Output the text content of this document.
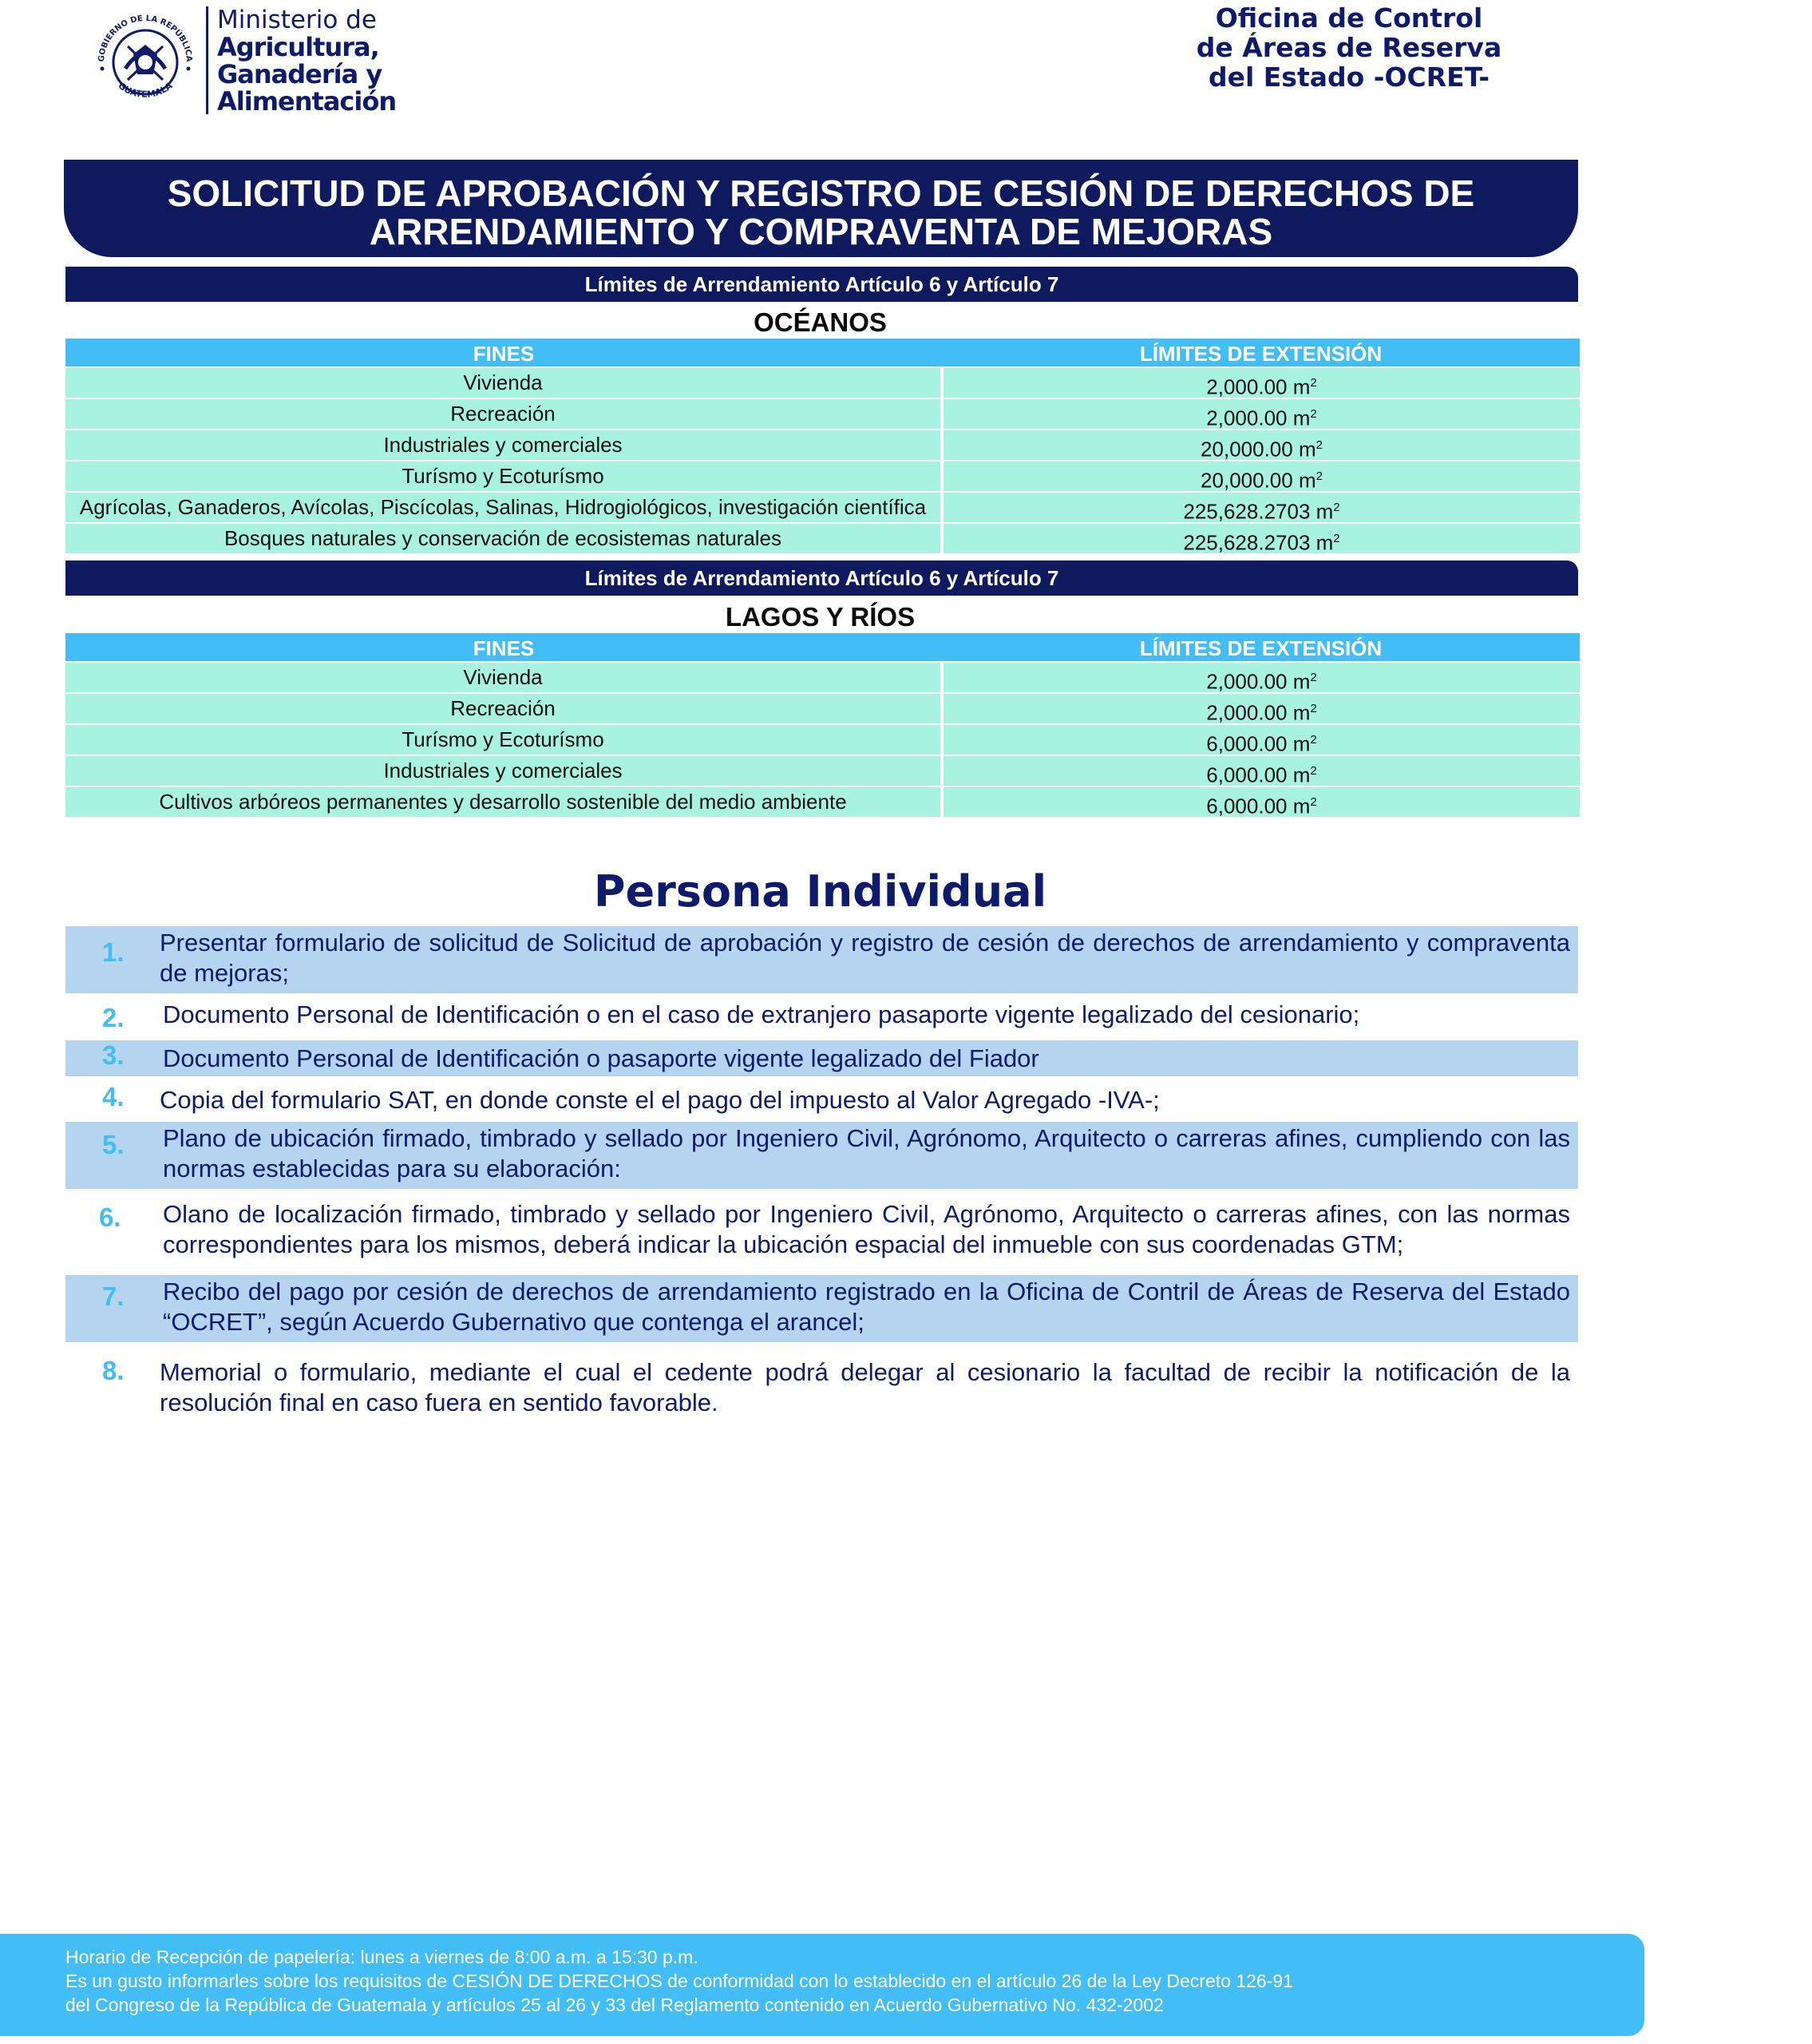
GOBIERNO DE LA REPÚBLICA
GUATEMALA
Ministerio de
Agricultura,
Ganadería y
Alimentación
Oficina de Control
de Áreas de Reserva
del Estado -OCRET-
SOLICITUD DE APROBACIÓN Y REGISTRO DE CESIÓN DE DERECHOS DE
ARRENDAMIENTO Y COMPRAVENTA DE MEJORAS
Límites de Arrendamiento Artículo 6 y Artículo 7
OCÉANOS
FINES	LÍMITES DE EXTENSIÓN
Vivienda	2,000.00 $m^2$
Recreación	2,000.00 $m^2$
Industriales y comerciales	20,000.00 $m^2$
Turísmo y Ecoturísmo	20,000.00 $m^2$
Agrícolas, Ganaderos, Avícolas, Piscícolas, Salinas, Hidrogiológicos, investigación científica	225,628.2703 $m^2$
Bosques naturales y conservación de ecosistemas naturales	225,628.2703 $m^2$
Límites de Arrendamiento Artículo 6 y Artículo 7
LAGOS Y RÍOS
FINES	LÍMITES DE EXTENSIÓN
Vivienda	2,000.00 $m^2$
Recreación	2,000.00 $m^2$
Turísmo y Ecoturísmo	6,000.00 $m^2$
Industriales y comerciales	6,000.00 $m^2$
Cultivos arbóreos permanentes y desarrollo sostenible del medio ambiente	6,000.00 $m^2$
Persona Individual
1. Presentar formulario de solicitud de Solicitud de aprobación y registro de cesión de derechos de arrendamiento y compraventa de mejoras;
2. Documento Personal de Identificación o en el caso de extranjero pasaporte vigente legalizado del cesionario;
3. Documento Personal de Identificación o pasaporte vigente legalizado del Fiador
4. Copia del formulario SAT, en donde conste el el pago del impuesto al Valor Agregado -IVA-;
5. Plano de ubicación firmado, timbrado y sellado por Ingeniero Civil, Agrónomo, Arquitecto o carreras afines, cumpliendo con las normas establecidas para su elaboración:
6. Olano de localización firmado, timbrado y sellado por Ingeniero Civil, Agrónomo, Arquitecto o carreras afines, con las normas correspondientes para los mismos, deberá indicar la ubicación espacial del inmueble con sus coordenadas GTM;
7. Recibo del pago por cesión de derechos de arrendamiento registrado en la Oficina de Contril de Áreas de Reserva del Estado “OCRET”, según Acuerdo Gubernativo que contenga el arancel;
8. Memorial o formulario, mediante el cual el cedente podrá delegar al cesionario la facultad de recibir la notificación de la resolución final en caso fuera en sentido favorable.
Horario de Recepción de papelería: lunes a viernes de 8:00 a.m. a 15:30 p.m.
Es un gusto informarles sobre los requisitos de CESIÓN DE DERECHOS de conformidad con lo establecido en el artículo 26 de la Ley Decreto 126-91
del Congreso de la República de Guatemala y artículos 25 al 26 y 33 del Reglamento contenido en Acuerdo Gubernativo No. 432-2002
